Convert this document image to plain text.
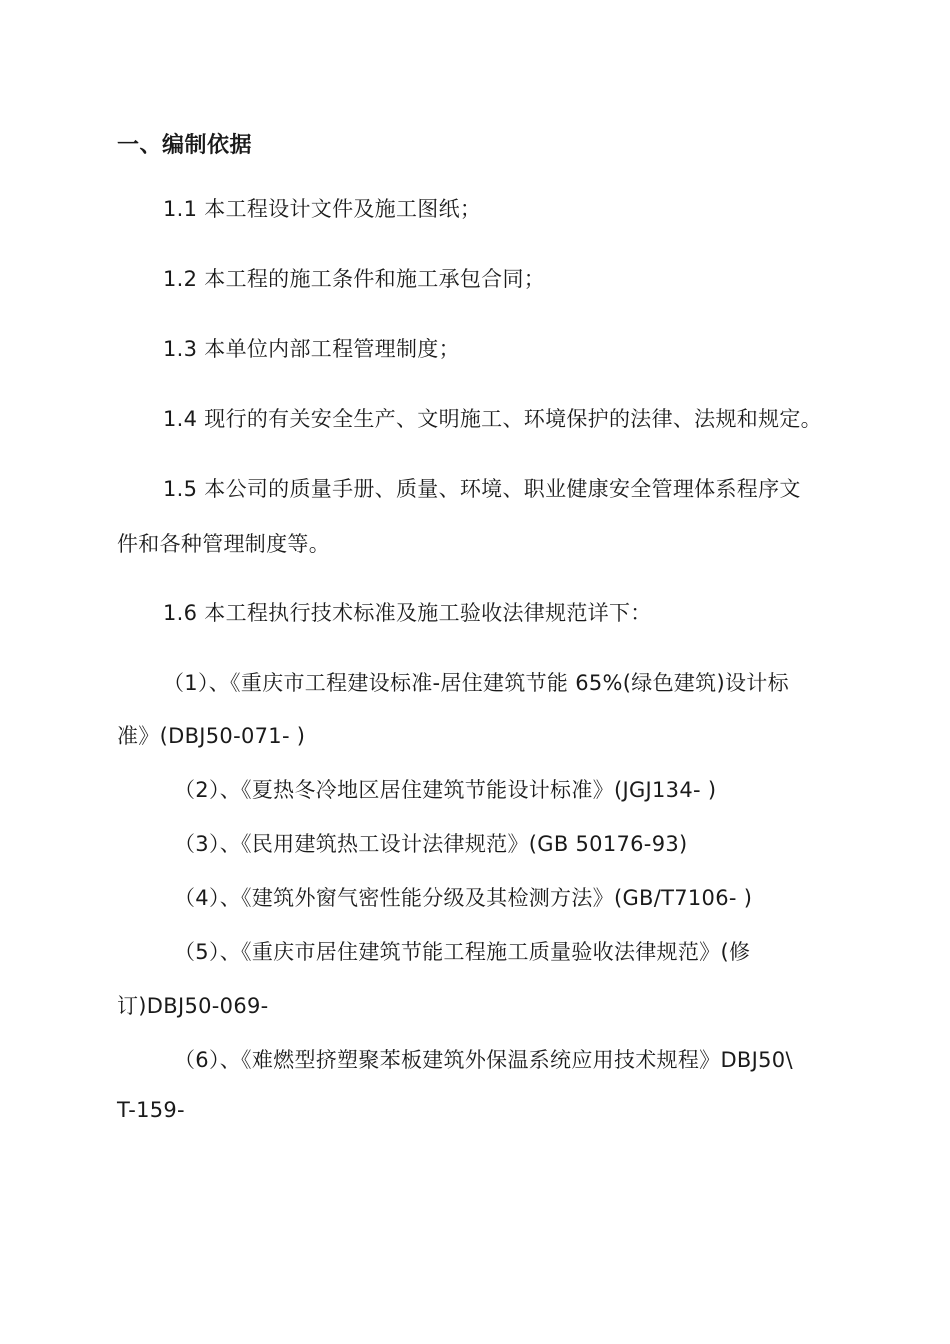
一、编制依据
1.1 本工程设计文件及施工图纸；
1.2 本工程的施工条件和施工承包合同；
1.3 本单位内部工程管理制度；
1.4 现行的有关安全生产、文明施工、环境保护的法律、法规和规定。
1.5 本公司的质量手册、质量、环境、职业健康安全管理体系程序文
件和各种管理制度等。
1.6 本工程执行技术标准及施工验收法律规范详下：
（1）、《重庆市工程建设标准-居住建筑节能 65%(绿色建筑)设计标
准》(DBJ50-071- )
（2）、《夏热冬冷地区居住建筑节能设计标准》(JGJ134- )
（3）、《民用建筑热工设计法律规范》(GB 50176-93)
（4）、《建筑外窗气密性能分级及其检测方法》(GB/T7106- )
（5）、《重庆市居住建筑节能工程施工质量验收法律规范》(修
订)DBJ50-069-
（6）、《难燃型挤塑聚苯板建筑外保温系统应用技术规程》DBJ50\
T-159-
